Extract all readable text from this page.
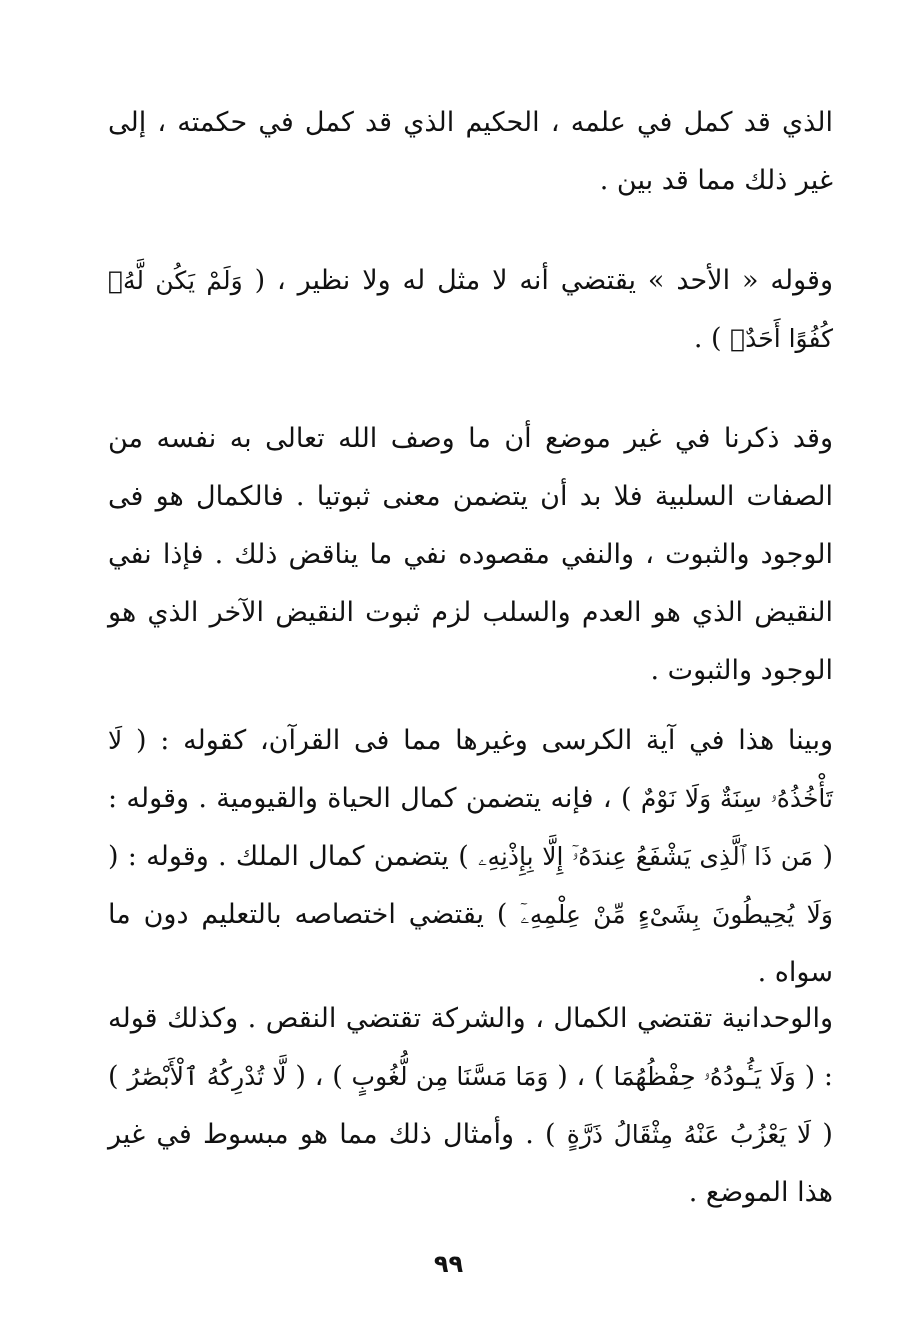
الذي قد كمل في علمه ، الحكيم الذي قد كمل في حكمته ، إلى غير ذلك مما قد بين .

وقوله « الأحد » يقتضي أنه لا مثل له ولا نظير ، ( وَلَمْ يَكُن لَّهُۥ كُفُوًا أَحَدٌۢ ) .

وقد ذكرنا في غير موضع أن ما وصف الله تعالى به نفسه من الصفات السلبية فلا بد أن يتضمن معنى ثبوتيا . فالكمال هو فى الوجود والثبوت ، والنفي مقصوده نفي ما يناقض ذلك . فإذا نفي النقيض الذي هو العدم والسلب لزم ثبوت النقيض الآخر الذي هو الوجود والثبوت .

وبينا هذا في آية الكرسى وغيرها مما فى القرآن، كقوله : ( لَا تَأْخُذُهُۥ سِنَةٌ وَلَا نَوْمٌ ) ، فإنه يتضمن كمال الحياة والقيومية . وقوله : ( مَن ذَا ٱلَّذِى يَشْفَعُ عِندَهُۥٓ إِلَّا بِإِذْنِهِۦ ) يتضمن كمال الملك . وقوله : ( وَلَا يُحِيطُونَ بِشَىْءٍ مِّنْ عِلْمِهِۦٓ ) يقتضي اختصاصه بالتعليم دون ما سواه .

والوحدانية تقتضي الكمال ، والشركة تقتضي النقص . وكذلك قوله : ( وَلَا يَـُٔودُهُۥ حِفْظُهُمَا ) ، ( وَمَا مَسَّنَا مِن لُّغُوبٍ ) ، ( لَّا تُدْرِكُهُ ٱلْأَبْصَٰرُ ) ( لَا يَعْزُبُ عَنْهُ مِثْقَالُ ذَرَّةٍ ) . وأمثال ذلك مما هو مبسوط في غير هذا الموضع .

٩٩
